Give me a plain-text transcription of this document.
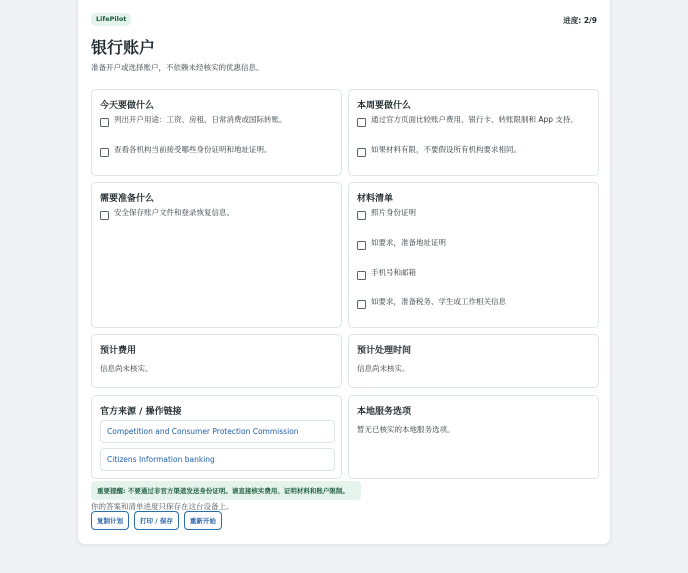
LifePilot	进度: 2/9
银行账户
准备开户或选择账户，不依赖未经核实的优惠信息。
今天要做什么
列出开户用途：工资、房租、日常消费或国际转账。
查看各机构当前接受哪些身份证明和地址证明。
本周要做什么
通过官方页面比较账户费用、银行卡、转账限制和 App 支持。
如果材料有限，不要假设所有机构要求相同。
需要准备什么
安全保存账户文件和登录恢复信息。
材料清单
照片身份证明
如要求，准备地址证明
手机号和邮箱
如要求，准备税务、学生或工作相关信息
预计费用
信息尚未核实。
预计处理时间
信息尚未核实。
官方来源 / 操作链接
Competition and Consumer Protection Commission
Citizens Information banking
本地服务选项
暂无已核实的本地服务选项。
重要提醒: 不要通过非官方渠道发送身份证明。请直接核实费用、证明材料和账户限制。
你的答案和清单进度只保存在这台设备上。
复制计划	打印 / 保存	重新开始
